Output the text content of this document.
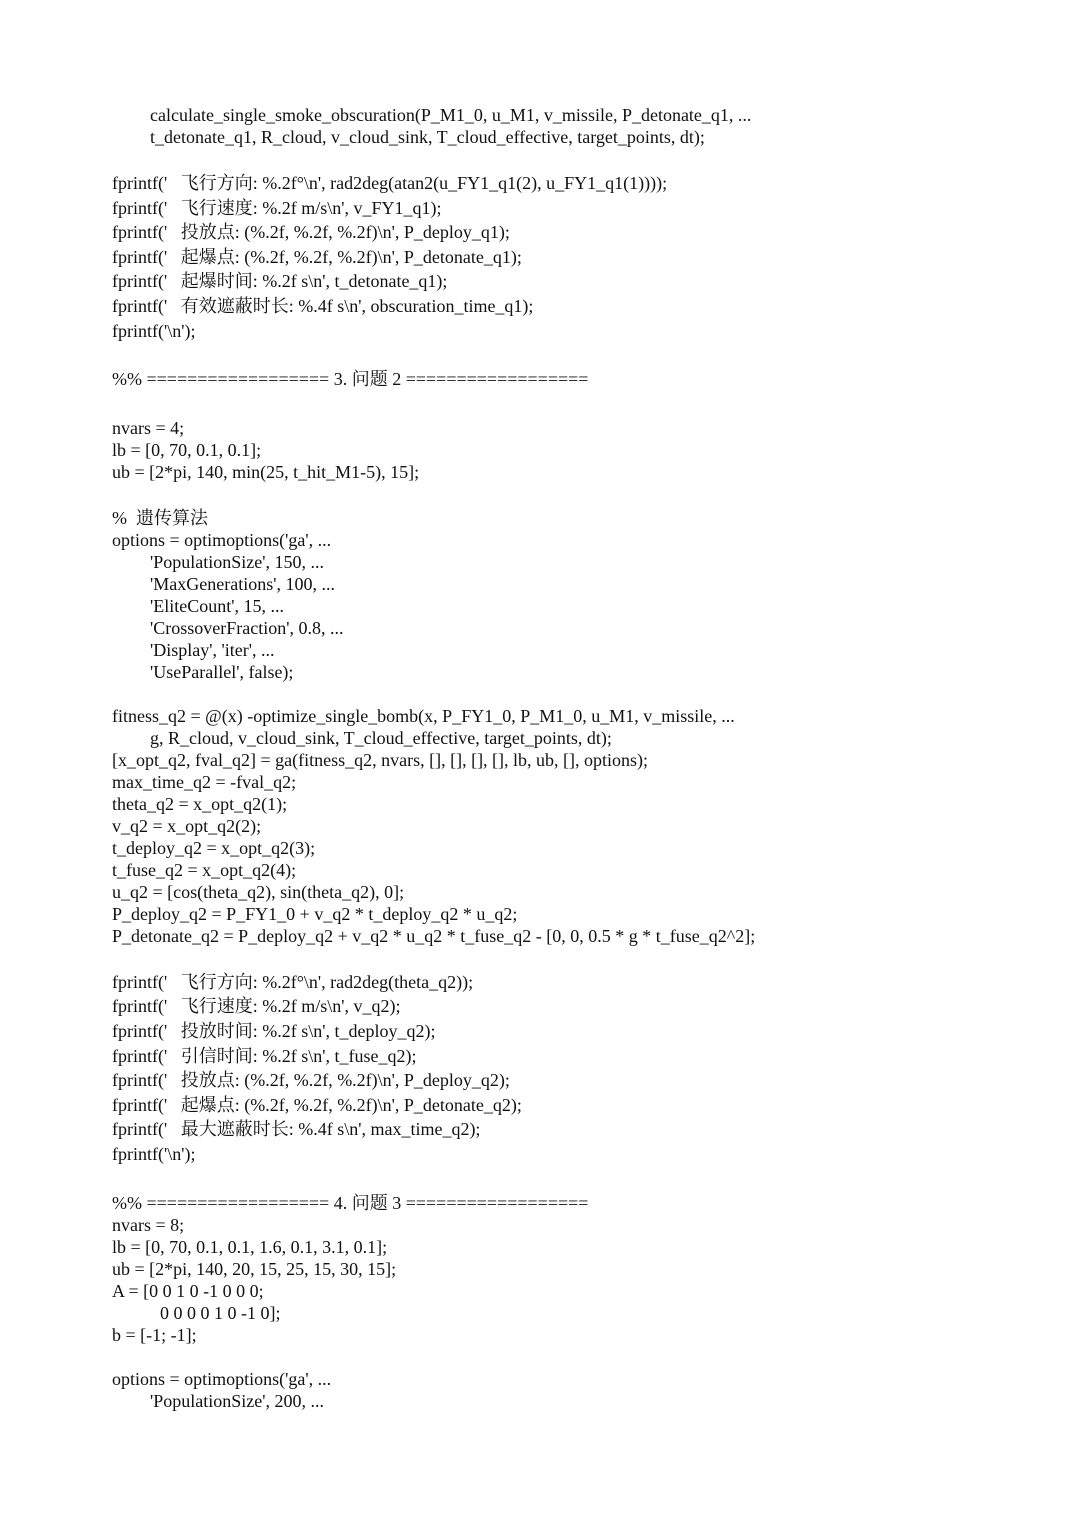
calculate_single_smoke_obscuration(P_M1_0, u_M1, v_missile, P_detonate_q1, ...
t_detonate_q1, R_cloud, v_cloud_sink, T_cloud_effective, target_points, dt);
fprintf('   飞行方向: %.2f°\n', rad2deg(atan2(u_FY1_q1(2), u_FY1_q1(1))));
fprintf('   飞行速度: %.2f m/s\n', v_FY1_q1);
fprintf('   投放点: (%.2f, %.2f, %.2f)\n', P_deploy_q1);
fprintf('   起爆点: (%.2f, %.2f, %.2f)\n', P_detonate_q1);
fprintf('   起爆时间: %.2f s\n', t_detonate_q1);
fprintf('   有效遮蔽时长: %.4f s\n', obscuration_time_q1);
fprintf('\n');
%% ================== 3. 问题 2 ==================
nvars = 4;
lb = [0, 70, 0.1, 0.1];
ub = [2*pi, 140, min(25, t_hit_M1-5), 15];
%  遗传算法
options = optimoptions('ga', ...
'PopulationSize', 150, ...
'MaxGenerations', 100, ...
'EliteCount', 15, ...
'CrossoverFraction', 0.8, ...
'Display', 'iter', ...
'UseParallel', false);
fitness_q2 = @(x) -optimize_single_bomb(x, P_FY1_0, P_M1_0, u_M1, v_missile, ...
g, R_cloud, v_cloud_sink, T_cloud_effective, target_points, dt);
[x_opt_q2, fval_q2] = ga(fitness_q2, nvars, [], [], [], [], lb, ub, [], options);
max_time_q2 = -fval_q2;
theta_q2 = x_opt_q2(1);
v_q2 = x_opt_q2(2);
t_deploy_q2 = x_opt_q2(3);
t_fuse_q2 = x_opt_q2(4);
u_q2 = [cos(theta_q2), sin(theta_q2), 0];
P_deploy_q2 = P_FY1_0 + v_q2 * t_deploy_q2 * u_q2;
P_detonate_q2 = P_deploy_q2 + v_q2 * u_q2 * t_fuse_q2 - [0, 0, 0.5 * g * t_fuse_q2^2];
fprintf('   飞行方向: %.2f°\n', rad2deg(theta_q2));
fprintf('   飞行速度: %.2f m/s\n', v_q2);
fprintf('   投放时间: %.2f s\n', t_deploy_q2);
fprintf('   引信时间: %.2f s\n', t_fuse_q2);
fprintf('   投放点: (%.2f, %.2f, %.2f)\n', P_deploy_q2);
fprintf('   起爆点: (%.2f, %.2f, %.2f)\n', P_detonate_q2);
fprintf('   最大遮蔽时长: %.4f s\n', max_time_q2);
fprintf('\n');
%% ================== 4. 问题 3 ==================
nvars = 8;
lb = [0, 70, 0.1, 0.1, 1.6, 0.1, 3.1, 0.1];
ub = [2*pi, 140, 20, 15, 25, 15, 30, 15];
A = [0 0 1 0 -1 0 0 0;
0 0 0 0 1 0 -1 0];
b = [-1; -1];
options = optimoptions('ga', ...
'PopulationSize', 200, ...
